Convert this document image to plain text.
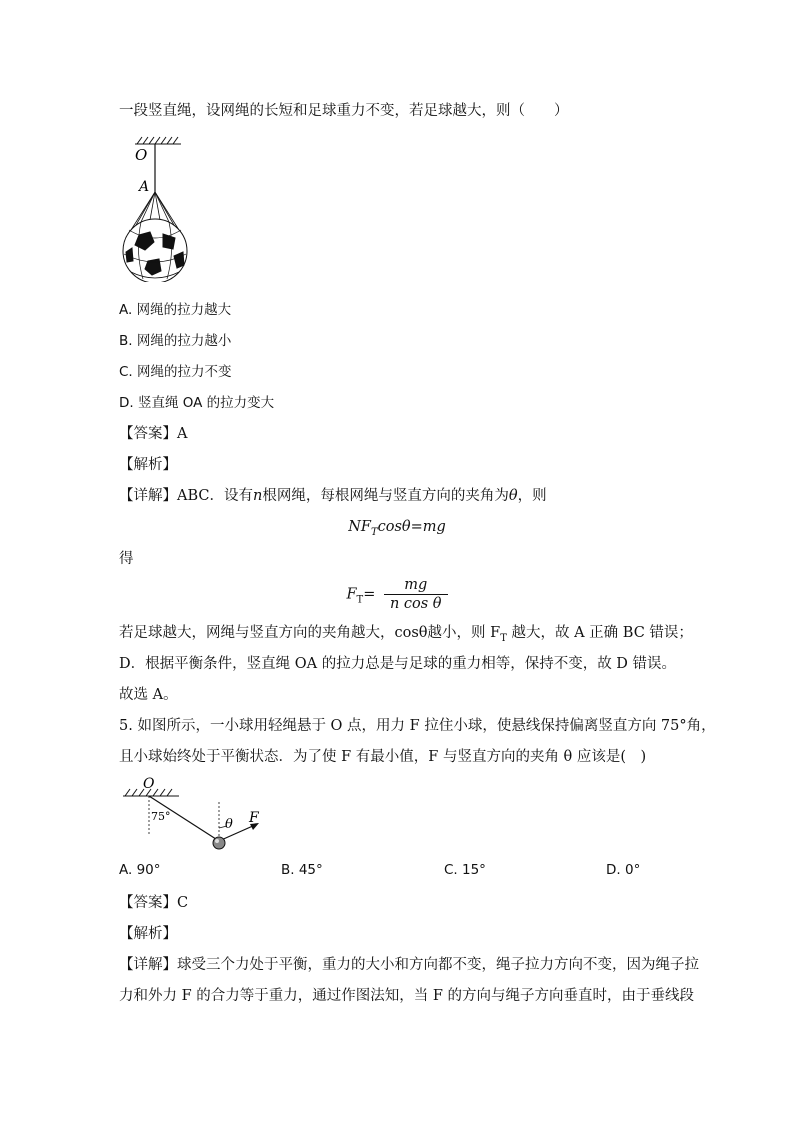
一段竖直绳，设网绳的长短和足球重力不变，若足球越大，则（　　）
O
A
A. 网绳的拉力越大
B. 网绳的拉力越小
C. 网绳的拉力不变
D. 竖直绳 OA 的拉力变大
【答案】A
【解析】
【详解】ABC．设有n根网绳，每根网绳与竖直方向的夹角为θ，则
$NF_T\cos\theta=mg$
得
$F_T= \frac{mg}{\text{n cos θ}}$
若足球越大，网绳与竖直方向的夹角越大，cosθ越小，则 $F_T$ 越大，故 A 正确 BC 错误；
D．根据平衡条件，竖直绳 OA 的拉力总是与足球的重力相等，保持不变，故 D 错误。
故选 A。
5. 如图所示，一小球用轻绳悬于 O 点，用力 F 拉住小球，使悬线保持偏离竖直方向 75°角，
且小球始终处于平衡状态．为了使 F 有最小值，F 与竖直方向的夹角 θ 应该是(　)
O
75°
θ F
A. 90°	B. 45°	C. 15°	D. 0°
【答案】C
【解析】
【详解】球受三个力处于平衡，重力的大小和方向都不变，绳子拉力方向不变，因为绳子拉
力和外力 F 的合力等于重力，通过作图法知，当 F 的方向与绳子方向垂直时，由于垂线段
